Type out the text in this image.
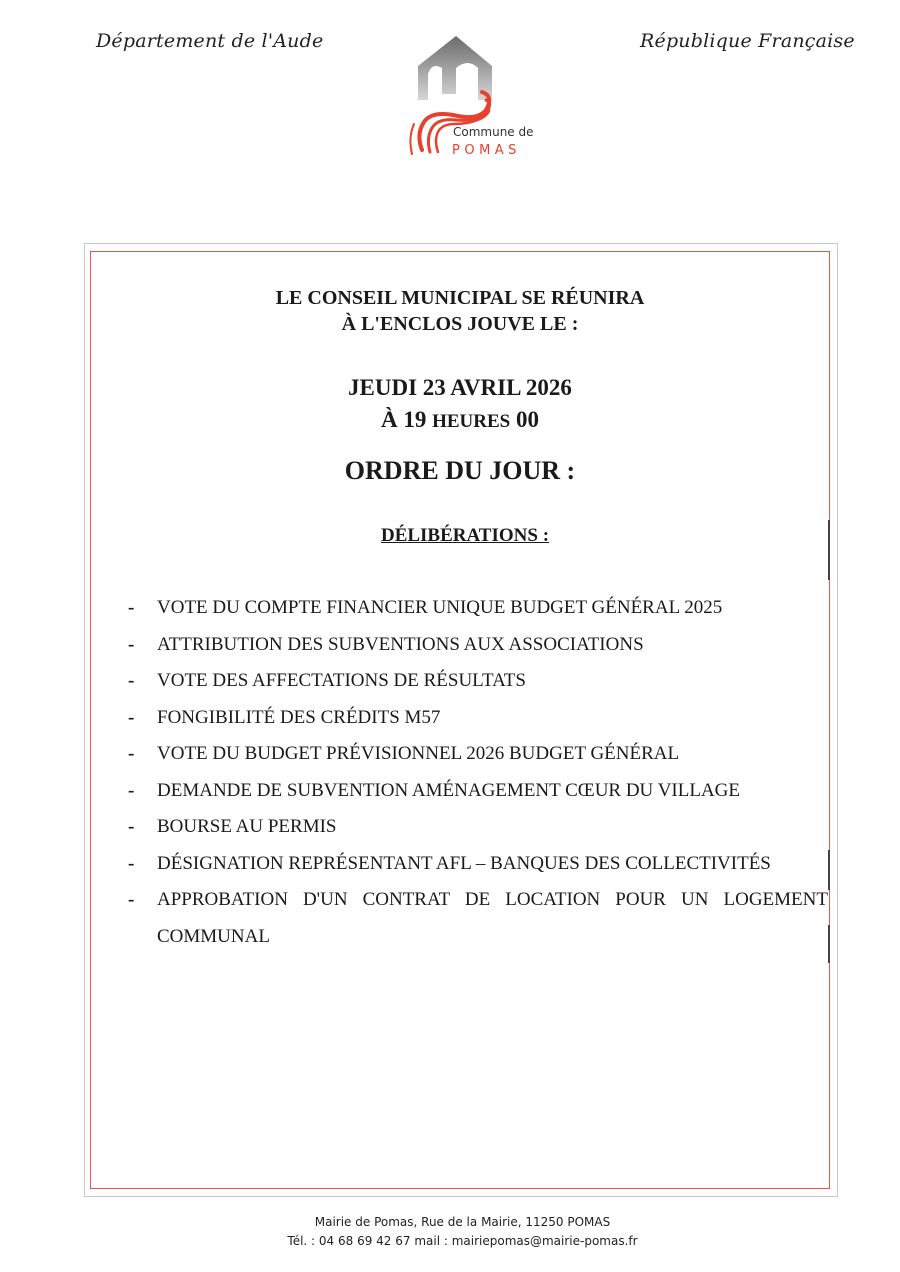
Département de l'Aude	République Française
Commune de
POMAS
LE CONSEIL MUNICIPAL SE RÉUNIRA
À L'ENCLOS JOUVE LE :
JEUDI 23 AVRIL 2026
À 19 HEURES 00
ORDRE DU JOUR :
DÉLIBÉRATIONS :
- VOTE DU COMPTE FINANCIER UNIQUE BUDGET GÉNÉRAL 2025
- ATTRIBUTION DES SUBVENTIONS AUX ASSOCIATIONS
- VOTE DES AFFECTATIONS DE RÉSULTATS
- FONGIBILITÉ DES CRÉDITS M57
- VOTE DU BUDGET PRÉVISIONNEL 2026 BUDGET GÉNÉRAL
- DEMANDE DE SUBVENTION AMÉNAGEMENT CŒUR DU VILLAGE
- BOURSE AU PERMIS
- DÉSIGNATION REPRÉSENTANT AFL – BANQUES DES COLLECTIVITÉS
- APPROBATION D'UN CONTRAT DE LOCATION POUR UN LOGEMENT COMMUNAL
Mairie de Pomas, Rue de la Mairie, 11250 POMAS
Tél. : 04 68 69 42 67 mail : mairiepomas@mairie-pomas.fr
